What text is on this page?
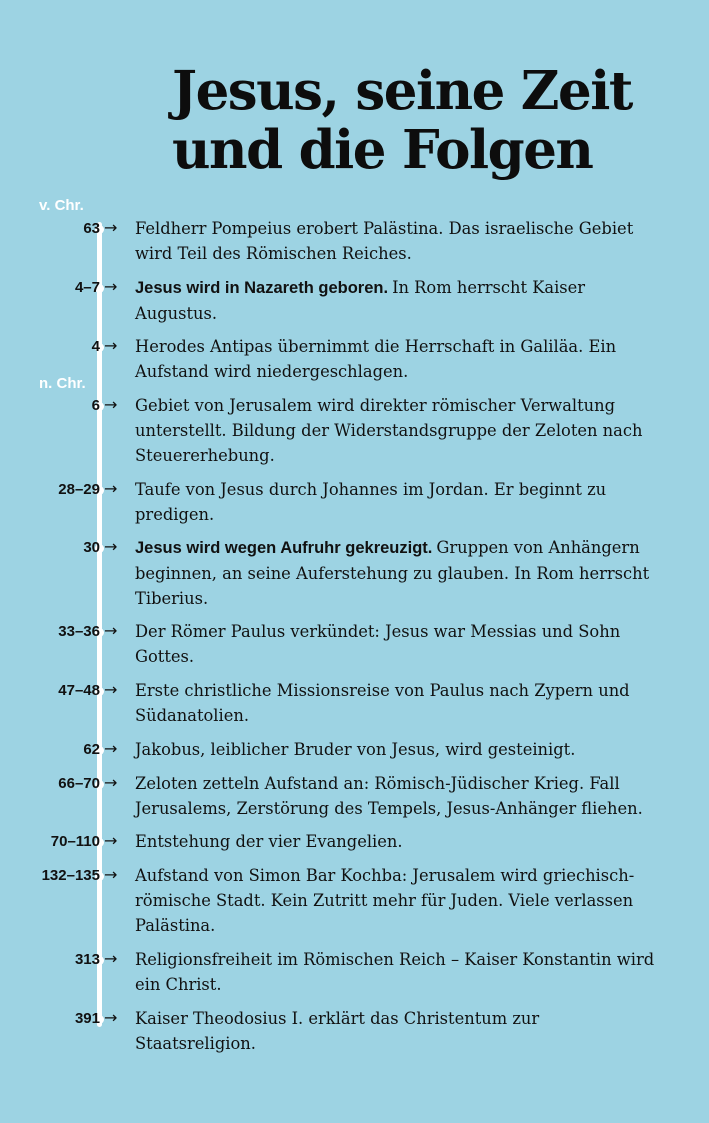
Jesus, seine Zeit
und die Folgen
v. Chr.
n. Chr.
63 → Feldherr Pompeius erobert Palästina. Das israelische Gebiet wird Teil des Römischen Reiches.
4–7 → Jesus wird in Nazareth geboren. In Rom herrscht Kaiser Augustus.
4 → Herodes Antipas übernimmt die Herrschaft in Galiläa. Ein Aufstand wird niedergeschlagen.
6 → Gebiet von Jerusalem wird direkter römischer Verwaltung unterstellt. Bildung der Widerstandsgruppe der Zeloten nach Steuererhebung.
28–29 → Taufe von Jesus durch Johannes im Jordan. Er beginnt zu predigen.
30 → Jesus wird wegen Aufruhr gekreuzigt. Gruppen von Anhängern beginnen, an seine Auferstehung zu glauben. In Rom herrscht Tiberius.
33–36 → Der Römer Paulus verkündet: Jesus war Messias und Sohn Gottes.
47–48 → Erste christliche Missionsreise von Paulus nach Zypern und Südanatolien.
62 → Jakobus, leiblicher Bruder von Jesus, wird gesteinigt.
66–70 → Zeloten zetteln Aufstand an: Römisch-Jüdischer Krieg. Fall Jerusalems, Zerstörung des Tempels, Jesus-Anhänger fliehen.
70–110 → Entstehung der vier Evangelien.
132–135 → Aufstand von Simon Bar Kochba: Jerusalem wird griechisch-römische Stadt. Kein Zutritt mehr für Juden. Viele verlassen Palästina.
313 → Religionsfreiheit im Römischen Reich – Kaiser Konstantin wird ein Christ.
391 → Kaiser Theodosius I. erklärt das Christentum zur Staatsreligion.
